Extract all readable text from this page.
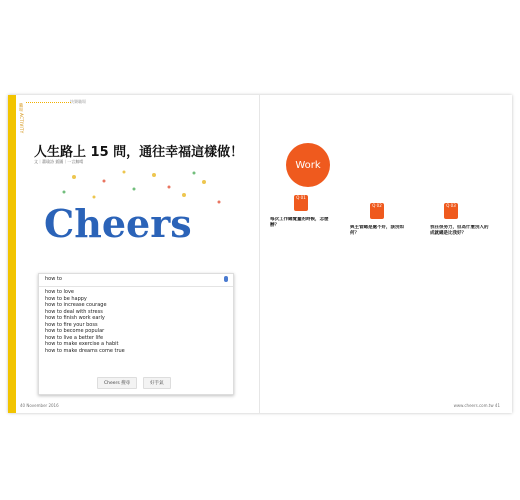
職場 ACTIVITY
快樂職場
人生路上 15 問，通往幸福這樣做！
文｜蕭瑜詩 插圖｜一言無晴
Cheers
how to
how to love
how to be happy
how to increase courage
how to deal with stress
how to finish work early
how to fire your boss
how to become popular
how to live a better life
how to make exercise a habit
how to make dreams come true
Cheers 搜尋	好手氣
40 November 2016
Work
Q 01
每次工作總覺量的時候，怎麼辦？
Q 02
與主管總是處不好，該別如何？
Q 03
我在很努力，但為什麼別人的成就總是比我好？
www.cheers.com.tw 41
